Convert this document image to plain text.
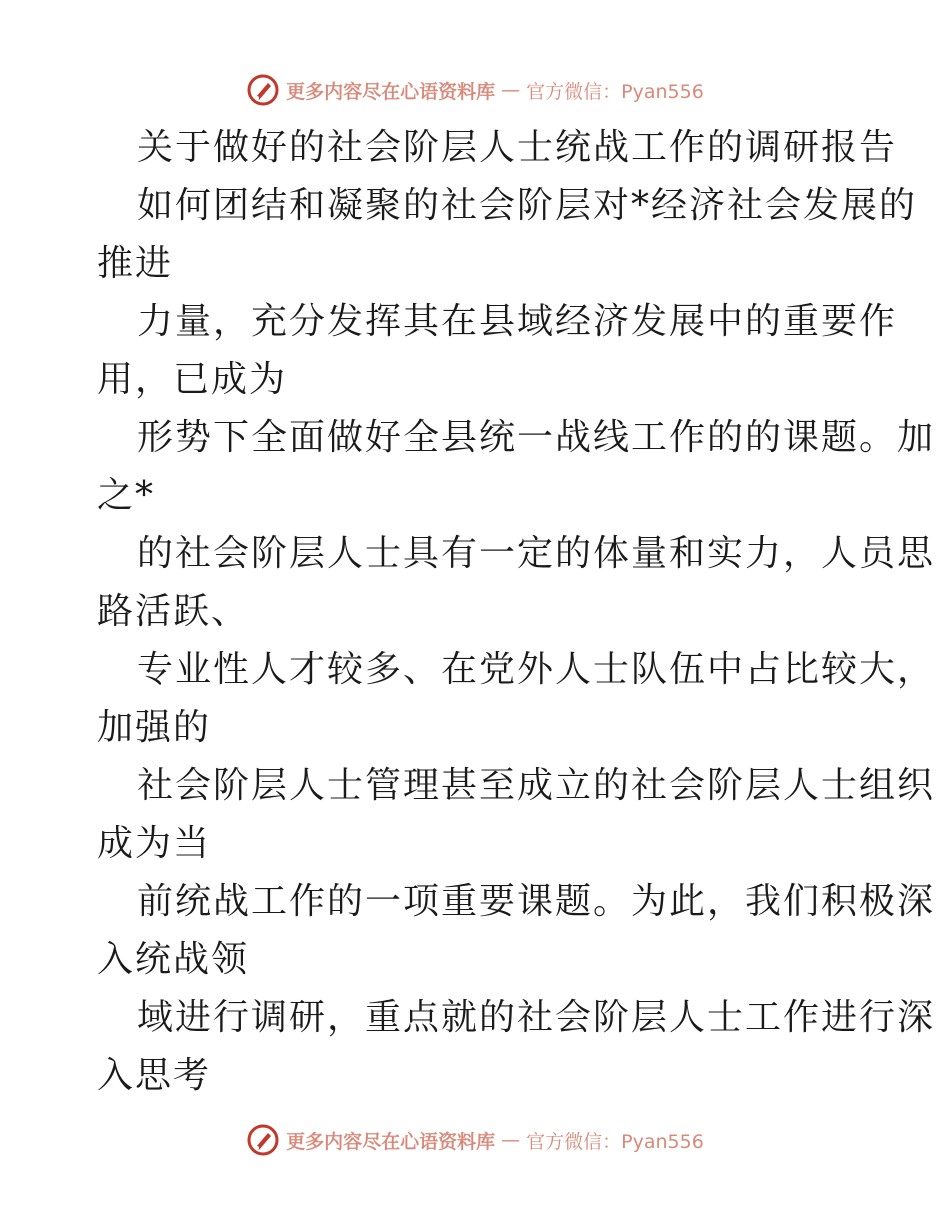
更多内容尽在心语资料库 — 官方微信：Pyan556
关于做好的社会阶层人士统战工作的调研报告
如何团结和凝聚的社会阶层对*经济社会发展的
推进
力量，充分发挥其在县域经济发展中的重要作
用，已成为
形势下全面做好全县统一战线工作的的课题。加
之*
的社会阶层人士具有一定的体量和实力，人员思
路活跃、
专业性人才较多、在党外人士队伍中占比较大，
加强的
社会阶层人士管理甚至成立的社会阶层人士组织
成为当
前统战工作的一项重要课题。为此，我们积极深
入统战领
域进行调研，重点就的社会阶层人士工作进行深
入思考
更多内容尽在心语资料库 — 官方微信：Pyan556
